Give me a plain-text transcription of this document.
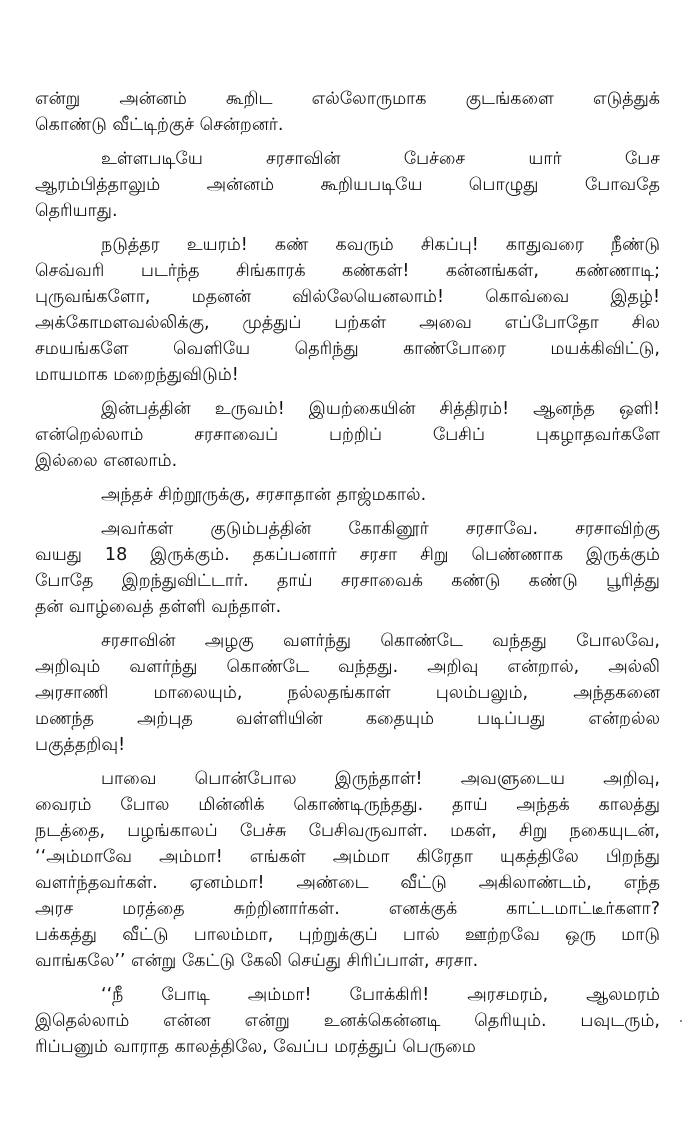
என்று அன்னம் கூறிட எல்லோருமாக குடங்களை எடுத்துக்
கொண்டு வீட்டிற்குச் சென்றனர்.
உள்ளபடியே சரசாவின் பேச்சை யார் பேச
ஆரம்பித்தாலும் அன்னம் கூறியபடியே பொழுது போவதே
தெரியாது.
நடுத்தர உயரம்! கண் கவரும் சிகப்பு! காதுவரை நீண்டு
செவ்வரி படர்ந்த சிங்காரக் கண்கள்! கன்னங்கள், கண்ணாடி;
புருவங்களோ, மதனன் வில்லேயெனலாம்! கொவ்வை இதழ்!
அக்கோமளவல்லிக்கு, முத்துப் பற்கள் அவை எப்போதோ சில
சமயங்களே வெளியே தெரிந்து காண்போரை மயக்கிவிட்டு,
மாயமாக மறைந்துவிடும்!
இன்பத்தின் உருவம்! இயற்கையின் சித்திரம்! ஆனந்த ஒளி!
என்றெல்லாம் சரசாவைப் பற்றிப் பேசிப் புகழாதவர்களே
இல்லை எனலாம்.
அந்தச் சிற்றூருக்கு, சரசாதான் தாஜ்மகால்.
அவர்கள் குடும்பத்தின் கோகினூர் சரசாவே. சரசாவிற்கு
வயது 18 இருக்கும். தகப்பனார் சரசா சிறு பெண்ணாக இருக்கும்
போதே இறந்துவிட்டார். தாய் சரசாவைக் கண்டு கண்டு பூரித்து
தன் வாழ்வைத் தள்ளி வந்தாள்.
சரசாவின் அழகு வளர்ந்து கொண்டே வந்தது போலவே,
அறிவும் வளர்ந்து கொண்டே வந்தது. அறிவு என்றால், அல்லி
அரசாணி மாலையும், நல்லதங்காள் புலம்பலும், அந்தகனை
மணந்த அற்புத வள்ளியின் கதையும் படிப்பது என்றல்ல
பகுத்தறிவு!
பாவை பொன்போல இருந்தாள்! அவளுடைய அறிவு,
வைரம் போல மின்னிக் கொண்டிருந்தது. தாய் அந்தக் காலத்து
நடத்தை, பழங்காலப் பேச்சு பேசிவருவாள். மகள், சிறு நகையுடன்,
‘‘அம்மாவே அம்மா! எங்கள் அம்மா கிரேதா யுகத்திலே பிறந்து
வளர்ந்தவர்கள். ஏனம்மா! அண்டை வீட்டு அகிலாண்டம், எந்த
அரச மரத்தை சுற்றினார்கள். எனக்குக் காட்டமாட்டீர்களா?
பக்கத்து வீட்டு பாலம்மா, புற்றுக்குப் பால் ஊற்றவே ஒரு மாடு
வாங்கலே’’ என்று கேட்டு கேலி செய்து சிரிப்பாள், சரசா.
‘‘நீ போடி அம்மா! போக்கிரி! அரசமரம், ஆலமரம்
இதெல்லாம் என்ன என்று உனக்கென்னடி தெரியும். பவுடரும்,
ரிப்பனும் வாராத காலத்திலே, வேப்ப மரத்துப் பெருமை
